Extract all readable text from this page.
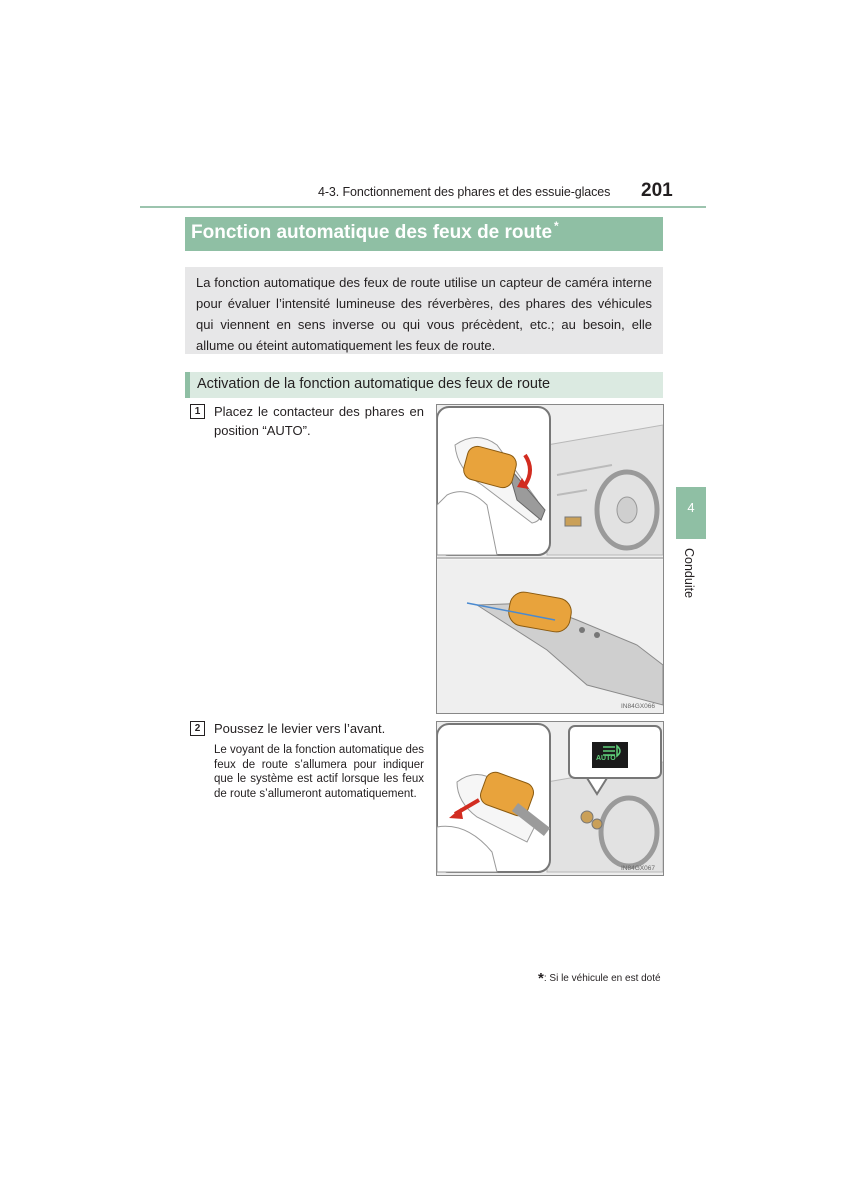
4-3. Fonctionnement des phares et des essuie-glaces 201
Fonction automatique des feux de route *
La fonction automatique des feux de route utilise un capteur de caméra interne pour évaluer l’intensité lumineuse des réverbères, des phares des véhicules qui viennent en sens inverse ou qui vous précèdent, etc.; au besoin, elle allume ou éteint automatiquement les feux de route.
Activation de la fonction automatique des feux de route
1	Placez le contacteur des phares en position “AUTO”.
IN84GX066
2	Poussez le levier vers l’avant.
Le voyant de la fonction automatique des feux de route s’allumera pour indiquer que le système est actif lorsque les feux de route s’allumeront automatiquement.
AUTO
IN84GX067
4
Conduite
*: Si le véhicule en est doté
